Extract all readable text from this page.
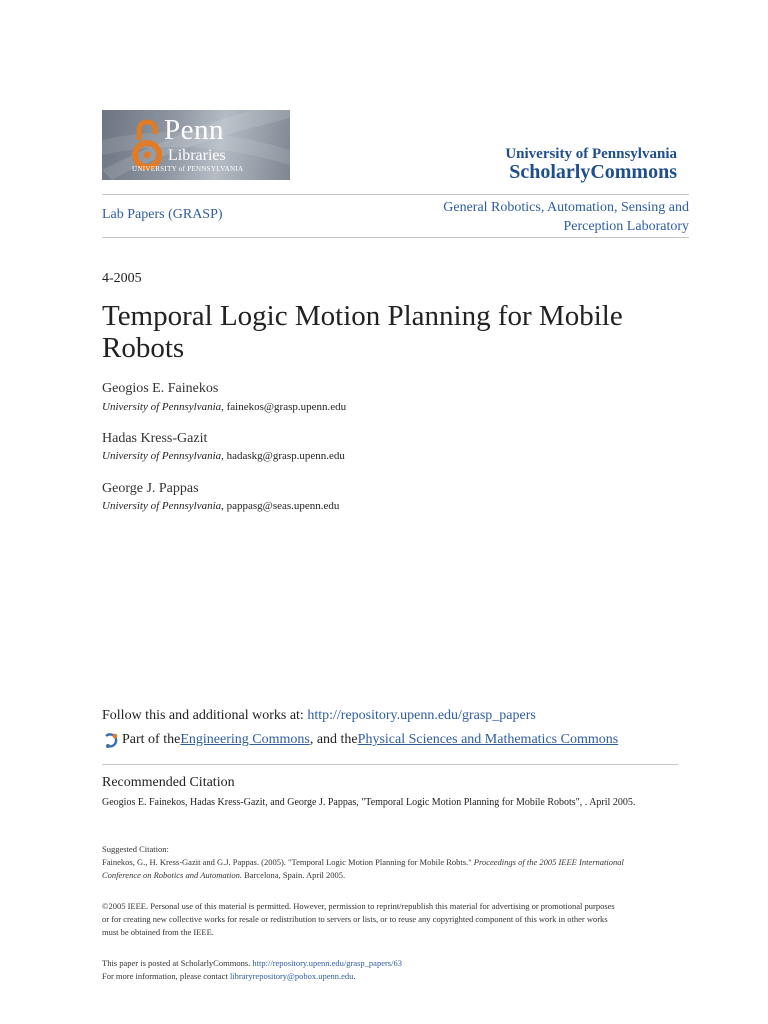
Penn
Libraries
UNIVERSITY of PENNSYLVANIA
University of Pennsylvania
ScholarlyCommons
Lab Papers (GRASP)	General Robotics, Automation, Sensing and
Perception Laboratory
4-2005
Temporal Logic Motion Planning for Mobile Robots
Geogios E. Fainekos
University of Pennsylvania, fainekos@grasp.upenn.edu
Hadas Kress-Gazit
University of Pennsylvania, hadaskg@grasp.upenn.edu
George J. Pappas
University of Pennsylvania, pappasg@seas.upenn.edu
Follow this and additional works at: http://repository.upenn.edu/grasp_papers
Part of the Engineering Commons , and the Physical Sciences and Mathematics Commons
Recommended Citation
Geogios E. Fainekos, Hadas Kress-Gazit, and George J. Pappas, "Temporal Logic Motion Planning for Mobile Robots", . April 2005.
Suggested Citation:
Fainekos, G., H. Kress-Gazit and G.J. Pappas. (2005). "Temporal Logic Motion Planning for Mobile Robts." Proceedings of the 2005 IEEE International
Conference on Robotics and Automation. Barcelona, Spain. April 2005.
©2005 IEEE. Personal use of this material is permitted. However, permission to reprint/republish this material for advertising or promotional purposes
or for creating new collective works for resale or redistribution to servers or lists, or to reuse any copyrighted component of this work in other works
must be obtained from the IEEE.
This paper is posted at ScholarlyCommons. http://repository.upenn.edu/grasp_papers/63
For more information, please contact libraryrepository@pobox.upenn.edu.
